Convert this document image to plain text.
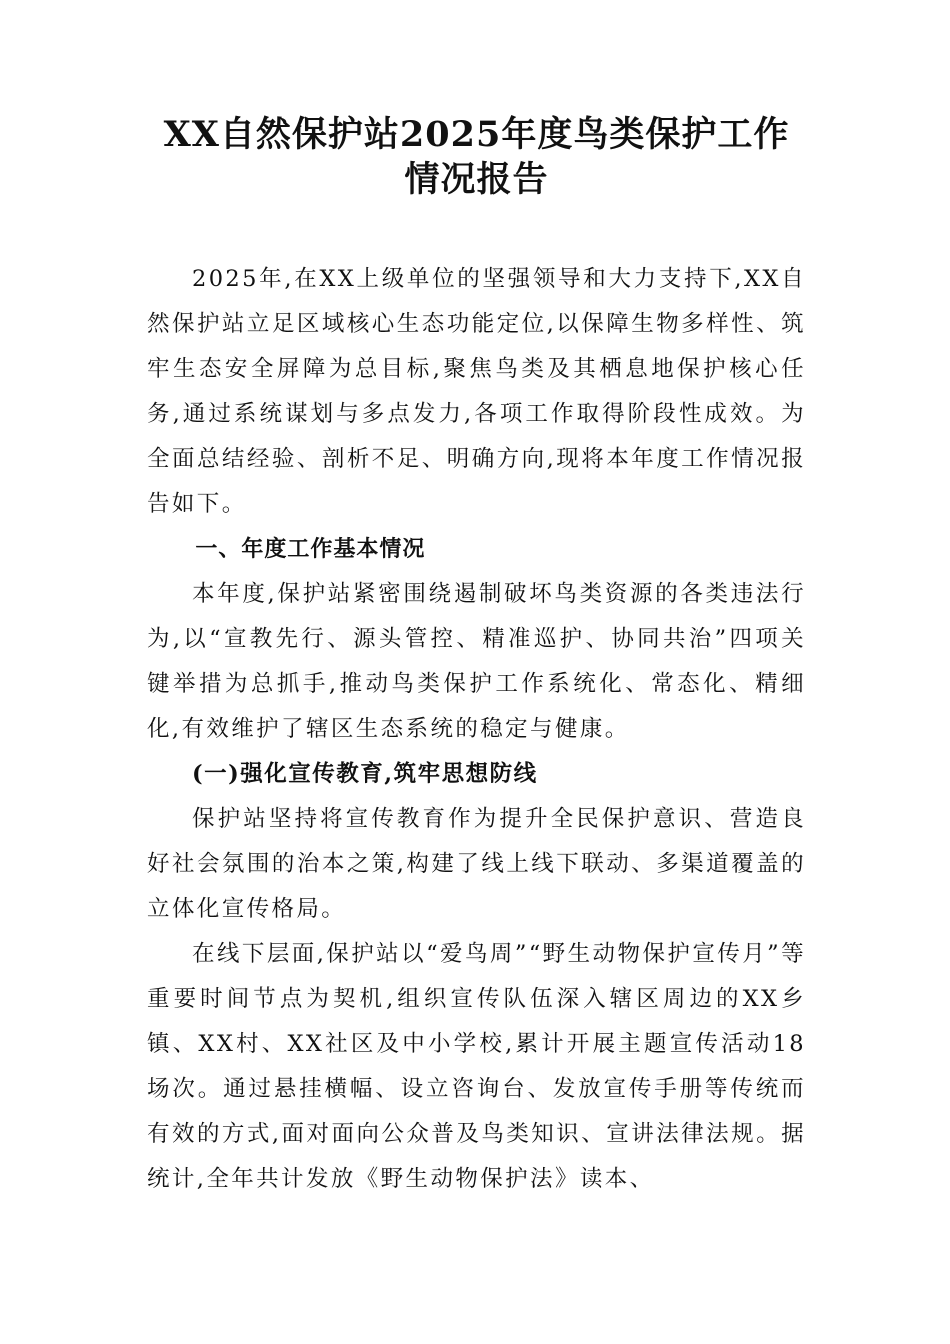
XX自然保护站2025年度鸟类保护工作情况报告

2025年,在XX上级单位的坚强领导和大力支持下,XX自然保护站立足区域核心生态功能定位,以保障生物多样性、筑牢生态安全屏障为总目标,聚焦鸟类及其栖息地保护核心任务,通过系统谋划与多点发力,各项工作取得阶段性成效。为全面总结经验、剖析不足、明确方向,现将本年度工作情况报告如下。

一、年度工作基本情况

本年度,保护站紧密围绕遏制破坏鸟类资源的各类违法行为,以“宣教先行、源头管控、精准巡护、协同共治”四项关键举措为总抓手,推动鸟类保护工作系统化、常态化、精细化,有效维护了辖区生态系统的稳定与健康。

(一)强化宣传教育,筑牢思想防线

保护站坚持将宣传教育作为提升全民保护意识、营造良好社会氛围的治本之策,构建了线上线下联动、多渠道覆盖的立体化宣传格局。

在线下层面,保护站以“爱鸟周”“野生动物保护宣传月”等重要时间节点为契机,组织宣传队伍深入辖区周边的XX乡镇、XX村、XX社区及中小学校,累计开展主题宣传活动18场次。通过悬挂横幅、设立咨询台、发放宣传手册等传统而有效的方式,面对面向公众普及鸟类知识、宣讲法律法规。据统计,全年共计发放《野生动物保护法》读本、
